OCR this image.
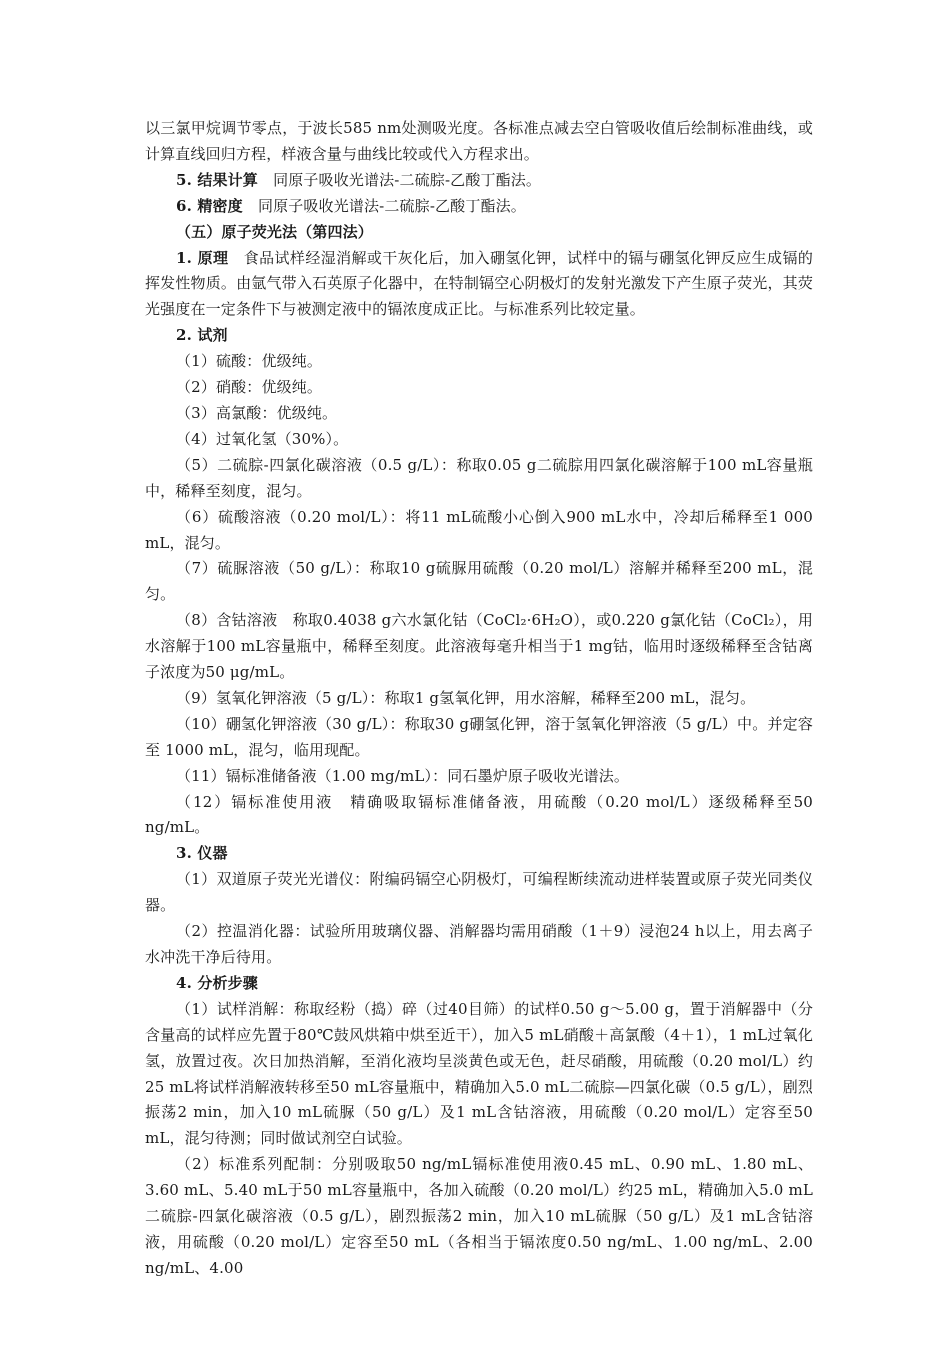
以三氯甲烷调节零点，于波长585 nm处测吸光度。各标准点减去空白管吸收值后绘制标准曲线，或计算直线回归方程，样液含量与曲线比较或代入方程求出。

5. 结果计算　同原子吸收光谱法-二硫腙-乙酸丁酯法。

6. 精密度　同原子吸收光谱法-二硫腙-乙酸丁酯法。

（五）原子荧光法（第四法）

1. 原理　食品试样经湿消解或干灰化后，加入硼氢化钾，试样中的镉与硼氢化钾反应生成镉的挥发性物质。由氩气带入石英原子化器中，在特制镉空心阴极灯的发射光激发下产生原子荧光，其荧光强度在一定条件下与被测定液中的镉浓度成正比。与标准系列比较定量。

2. 试剂

（1）硫酸：优级纯。

（2）硝酸：优级纯。

（3）高氯酸：优级纯。

（4）过氧化氢（30%）。

（5）二硫腙-四氯化碳溶液（0.5 g/L）：称取0.05 g二硫腙用四氯化碳溶解于100 mL容量瓶中，稀释至刻度，混匀。

（6）硫酸溶液（0.20 mol/L）：将11 mL硫酸小心倒入900 mL水中，冷却后稀释至1 000 mL，混匀。

（7）硫脲溶液（50 g/L）：称取10 g硫脲用硫酸（0.20 mol/L）溶解并稀释至200 mL，混匀。

（8）含钴溶液　称取0.4038 g六水氯化钴（CoCl₂·6H₂O），或0.220 g氯化钴（CoCl₂），用水溶解于100 mL容量瓶中，稀释至刻度。此溶液每毫升相当于1 mg钴，临用时逐级稀释至含钴离子浓度为50 μg/mL。

（9）氢氧化钾溶液（5 g/L）：称取1 g氢氧化钾，用水溶解，稀释至200 mL，混匀。

（10）硼氢化钾溶液（30 g/L）：称取30 g硼氢化钾，溶于氢氧化钾溶液（5 g/L）中。并定容至 1000 mL，混匀，临用现配。

（11）镉标准储备液（1.00 mg/mL）：同石墨炉原子吸收光谱法。

（12）镉标准使用液　精确吸取镉标准储备液，用硫酸（0.20 mol/L）逐级稀释至50 ng/mL。

3. 仪器

（1）双道原子荧光光谱仪：附编码镉空心阴极灯，可编程断续流动进样装置或原子荧光同类仪器。

（2）控温消化器：试验所用玻璃仪器、消解器均需用硝酸（1＋9）浸泡24 h以上，用去离子水冲洗干净后待用。

4. 分析步骤

（1）试样消解：称取经粉（捣）碎（过40目筛）的试样0.50 g～5.00 g，置于消解器中（分含量高的试样应先置于80℃鼓风烘箱中烘至近干），加入5 mL硝酸＋高氯酸（4＋1），1 mL过氧化氢，放置过夜。次日加热消解，至消化液均呈淡黄色或无色，赶尽硝酸，用硫酸（0.20 mol/L）约25 mL将试样消解液转移至50 mL容量瓶中，精确加入5.0 mL二硫腙—四氯化碳（0.5 g/L），剧烈振荡2 min，加入10 mL硫脲（50 g/L）及1 mL含钴溶液，用硫酸（0.20 mol/L）定容至50 mL，混匀待测；同时做试剂空白试验。

（2）标准系列配制：分别吸取50 ng/mL镉标准使用液0.45 mL、0.90 mL、1.80 mL、3.60 mL、5.40 mL于50 mL容量瓶中，各加入硫酸（0.20 mol/L）约25 mL，精确加入5.0 mL二硫腙-四氯化碳溶液（0.5 g/L），剧烈振荡2 min，加入10 mL硫脲（50 g/L）及1 mL含钴溶液，用硫酸（0.20 mol/L）定容至50 mL（各相当于镉浓度0.50 ng/mL、1.00 ng/mL、2.00 ng/mL、4.00
